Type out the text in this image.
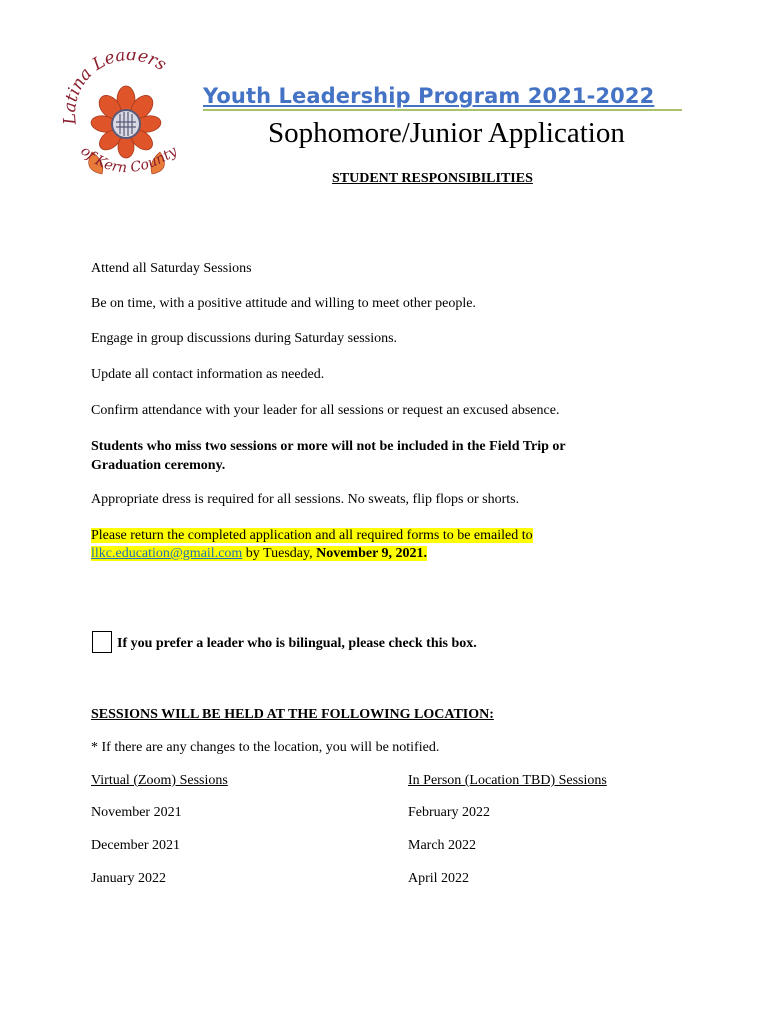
atina Leaders
of Kern County
Youth Leadership Program 2021-2022
Sophomore/Junior Application
STUDENT RESPONSIBILITIES
Attend all Saturday Sessions
Be on time, with a positive attitude and willing to meet other people.
Engage in group discussions during Saturday sessions.
Update all contact information as needed.
Confirm attendance with your leader for all sessions or request an excused absence.
Students who miss two sessions or more will not be included in the Field Trip or
Graduation ceremony.
Appropriate dress is required for all sessions. No sweats, flip flops or shorts.
Please return the completed application and all required forms to be emailed to
llkc.education@gmail.com by Tuesday, November 9, 2021.
If you prefer a leader who is bilingual, please check this box.
SESSIONS WILL BE HELD AT THE FOLLOWING LOCATION:
* If there are any changes to the location, you will be notified.
Virtual (Zoom) Sessions	In Person (Location TBD) Sessions
November 2021	February 2022
December 2021	March 2022
January 2022	April 2022
